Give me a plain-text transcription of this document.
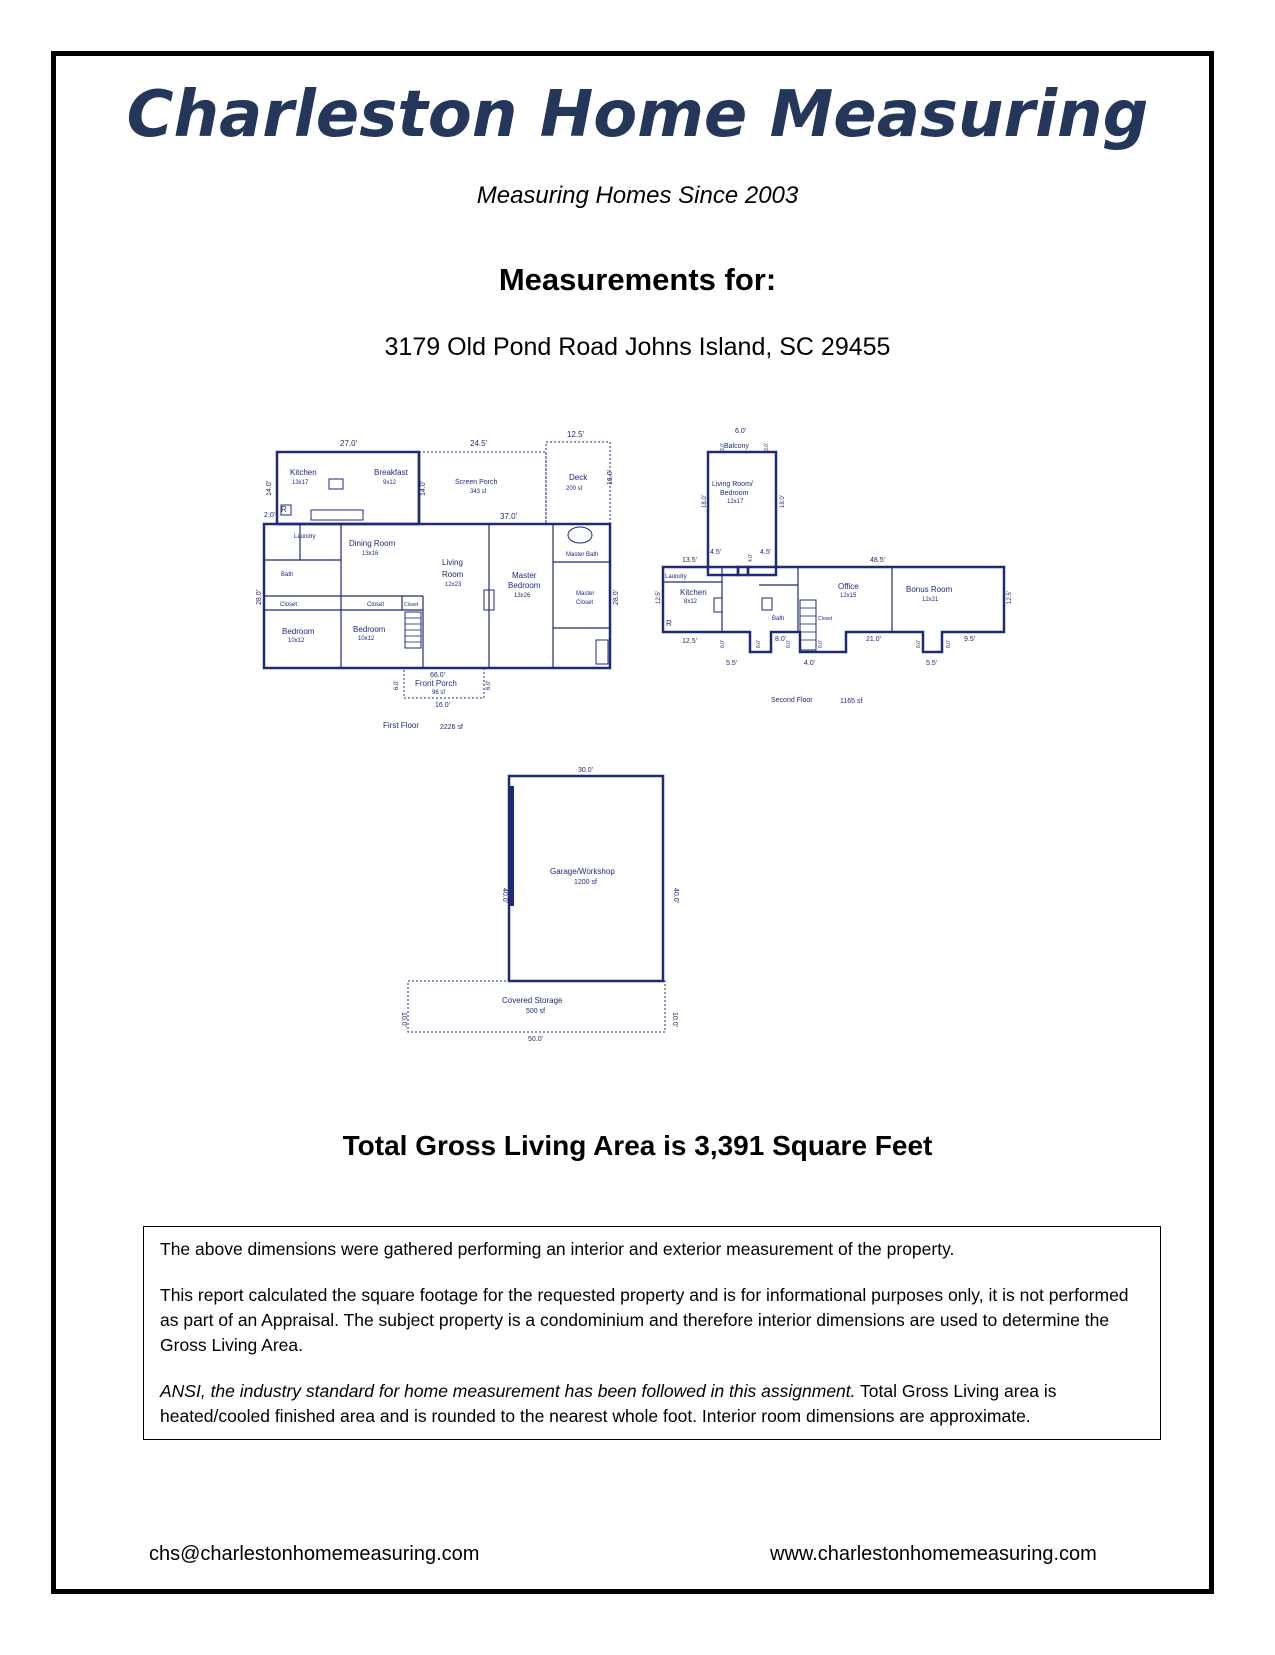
Charleston Home Measuring
Measuring Homes Since 2003
Measurements for:
3179 Old Pond Road Johns Island, SC 29455
27.0'	24.5'
12.5'
16.0'
14.0'	14.0'
37.0'
2.0'
28.0'	28.0'
66.0'
6.0'	6.0'
16.0'
Kitchen
13x17
Breakfast
9x12	Screen Porch
343 sf
Deck
200 sf
Laundry
Dining Room
13x16
Living
Room
12x23
Master
Bedroom
13x26
Master Bath
Master
Closet
Bath
Closet	Closet	Closet
Bedroom
10x12
Bedroom
10x12
Front Porch
96 sf
R
First Floor	2226 sf
6.0'
3.0'	3.0'
18.0'	18.0'
13.5'
4.5'	4.5'
4.0'	48.5'
12.5'	12.5'
12.5'	6.0'
5.5'
6.0'
8.0'
6.0'
4.0'
6.0'
21.0'
6.0'
5.5'
6.0'
9.5'
Balcony
Living Room/
Bedroom
12x17
Laundry
Kitchen
8x12
Bath	Closet
Office
12x15
Bonus Room
12x21
R
Second Floor	1165 sf
30.0'
40.0'	40.0'
10.0'	10.0'
50.0'
Garage/Workshop
1200 sf
Covered Storage
500 sf
Total Gross Living Area is 3,391 Square Feet

The above dimensions were gathered performing an interior and exterior measurement of the property.

This report calculated the square footage for the requested property and is for informational purposes only, it is not performed as part of an Appraisal. The subject property is a condominium and therefore interior dimensions are used to determine the Gross Living Area.

ANSI, the industry standard for home measurement has been followed in this assignment. Total Gross Living area is heated/cooled finished area and is rounded to the nearest whole foot. Interior room dimensions are approximate.

chs@charlestonhomemeasuring.com	www.charlestonhomemeasuring.com
